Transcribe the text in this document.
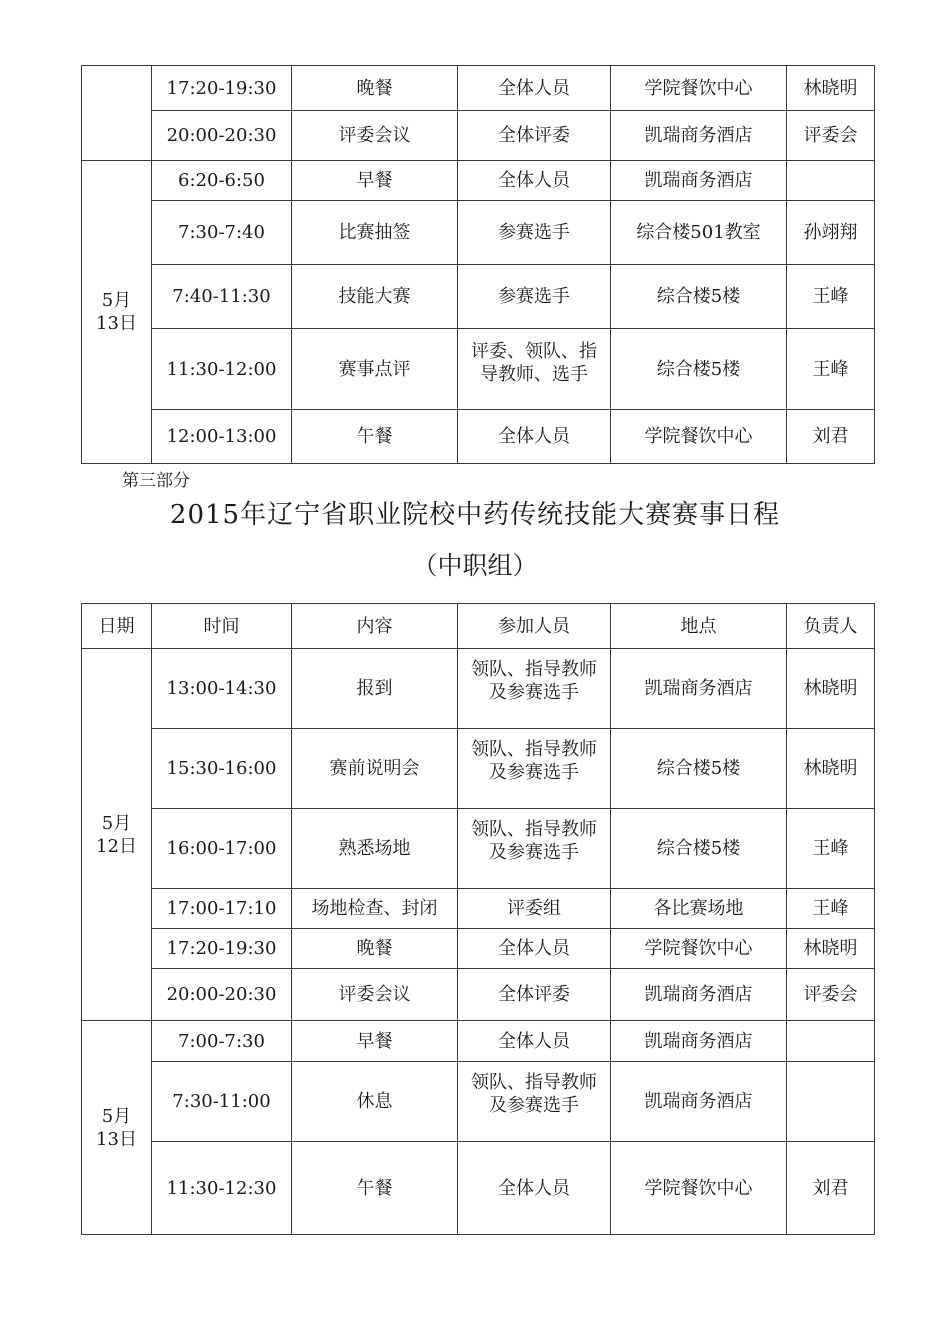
	17:20-19:30	晚餐	全体人员	学院餐饮中心	林晓明
	20:00-20:30	评委会议	全体评委	凯瑞商务酒店	评委会

5月
13日	6:20-6:50	早餐	全体人员	凯瑞商务酒店	
	7:30-7:40	比赛抽签	参赛选手	综合楼501教室	孙翊翔
	7:40-11:30	技能大赛	参赛选手	综合楼5楼	王峰
	11:30-12:00	赛事点评	评委、领队、指导教师、选手	综合楼5楼	王峰
	12:00-13:00	午餐	全体人员	学院餐饮中心	刘君
第三部分
2015年辽宁省职业院校中药传统技能大赛赛事日程
（中职组）
日期	时间	内容	参加人员	地点	负责人

5月
12日	13:00-14:30	报到	领队、指导教师及参赛选手	凯瑞商务酒店	林晓明
	15:30-16:00	赛前说明会	领队、指导教师及参赛选手	综合楼5楼	林晓明
	16:00-17:00	熟悉场地	领队、指导教师及参赛选手	综合楼5楼	王峰
	17:00-17:10	场地检查、封闭	评委组	各比赛场地	王峰
	17:20-19:30	晚餐	全体人员	学院餐饮中心	林晓明
	20:00-20:30	评委会议	全体评委	凯瑞商务酒店	评委会

5月
13日	7:00-7:30	早餐	全体人员	凯瑞商务酒店	
	7:30-11:00	休息	领队、指导教师及参赛选手	凯瑞商务酒店	
	11:30-12:30	午餐	全体人员	学院餐饮中心	刘君
